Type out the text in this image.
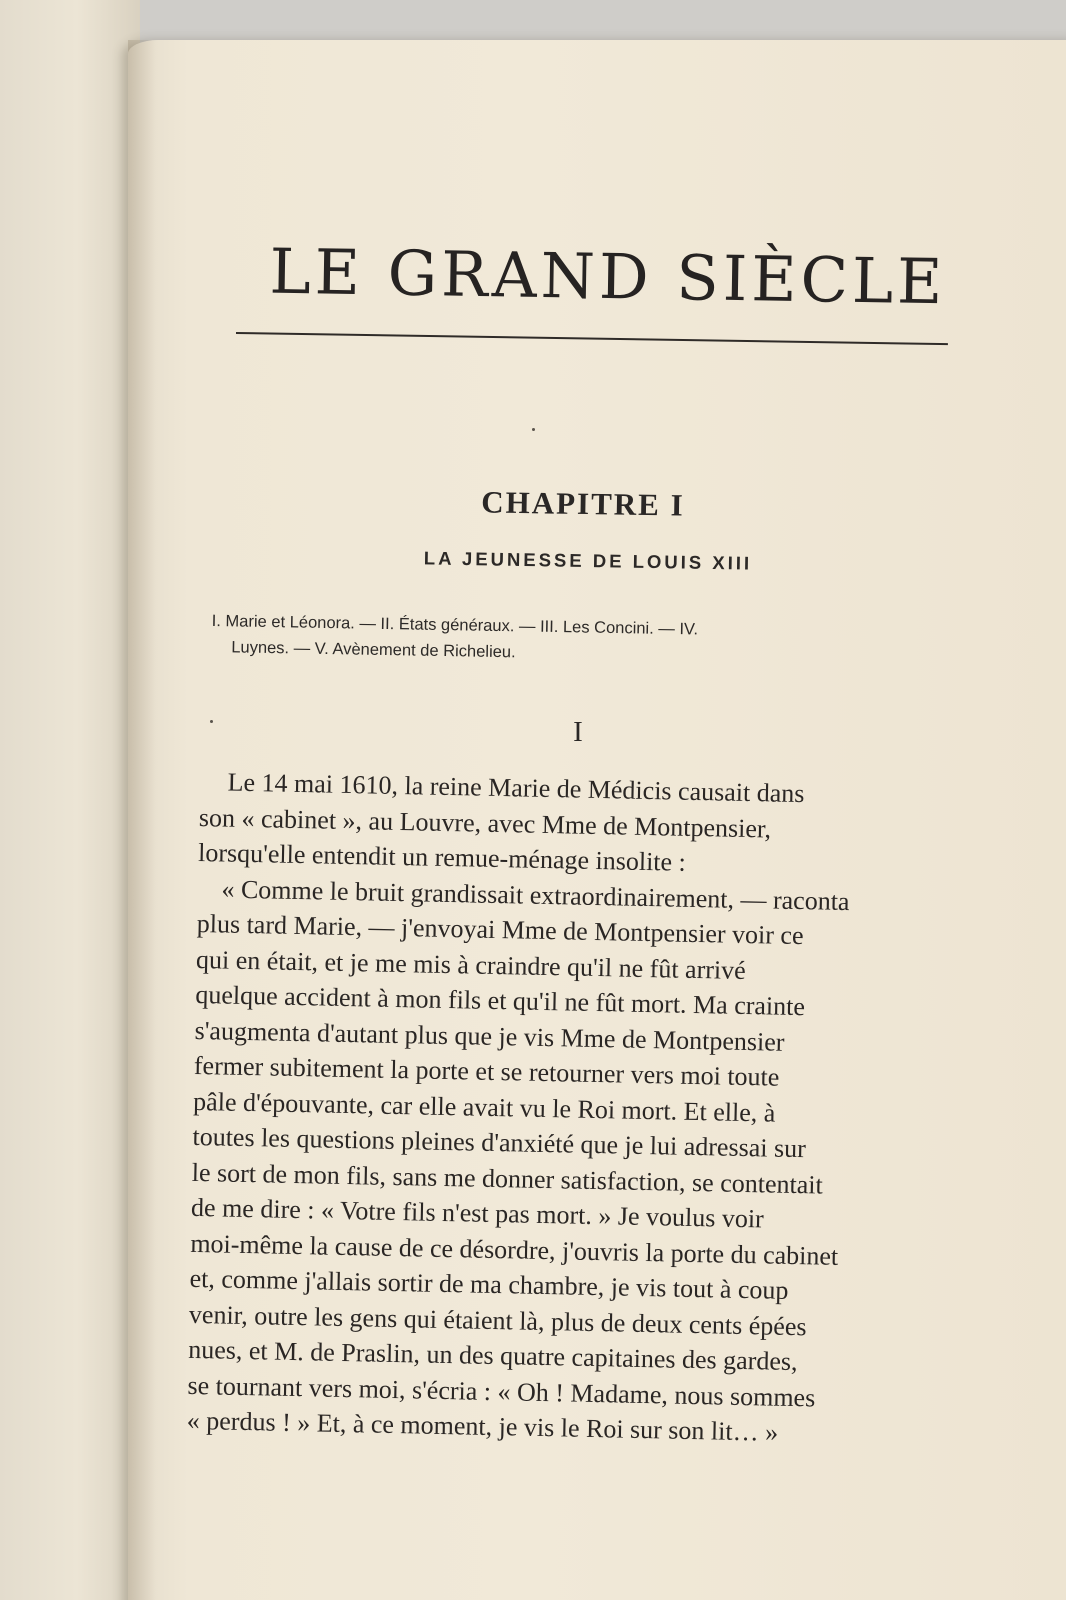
LE GRAND SIÈCLE
CHAPITRE I
LA JEUNESSE DE LOUIS XIII

I. Marie et Léonora. — II. États généraux. — III. Les Concini. — IV.
Luynes. — V. Avènement de Richelieu.

I

Le 14 mai 1610, la reine Marie de Médicis causait dans
son « cabinet », au Louvre, avec Mme de Montpensier,
lorsqu'elle entendit un remue-ménage insolite :
« Comme le bruit grandissait extraordinairement, — raconta
plus tard Marie, — j'envoyai Mme de Montpensier voir ce
qui en était, et je me mis à craindre qu'il ne fût arrivé
quelque accident à mon fils et qu'il ne fût mort. Ma crainte
s'augmenta d'autant plus que je vis Mme de Montpensier
fermer subitement la porte et se retourner vers moi toute
pâle d'épouvante, car elle avait vu le Roi mort. Et elle, à
toutes les questions pleines d'anxiété que je lui adressai sur
le sort de mon fils, sans me donner satisfaction, se contentait
de me dire : « Votre fils n'est pas mort. » Je voulus voir
moi-même la cause de ce désordre, j'ouvris la porte du cabinet
et, comme j'allais sortir de ma chambre, je vis tout à coup
venir, outre les gens qui étaient là, plus de deux cents épées
nues, et M. de Praslin, un des quatre capitaines des gardes,
se tournant vers moi, s'écria : « Oh ! Madame, nous sommes
« perdus ! » Et, à ce moment, je vis le Roi sur son lit… »
